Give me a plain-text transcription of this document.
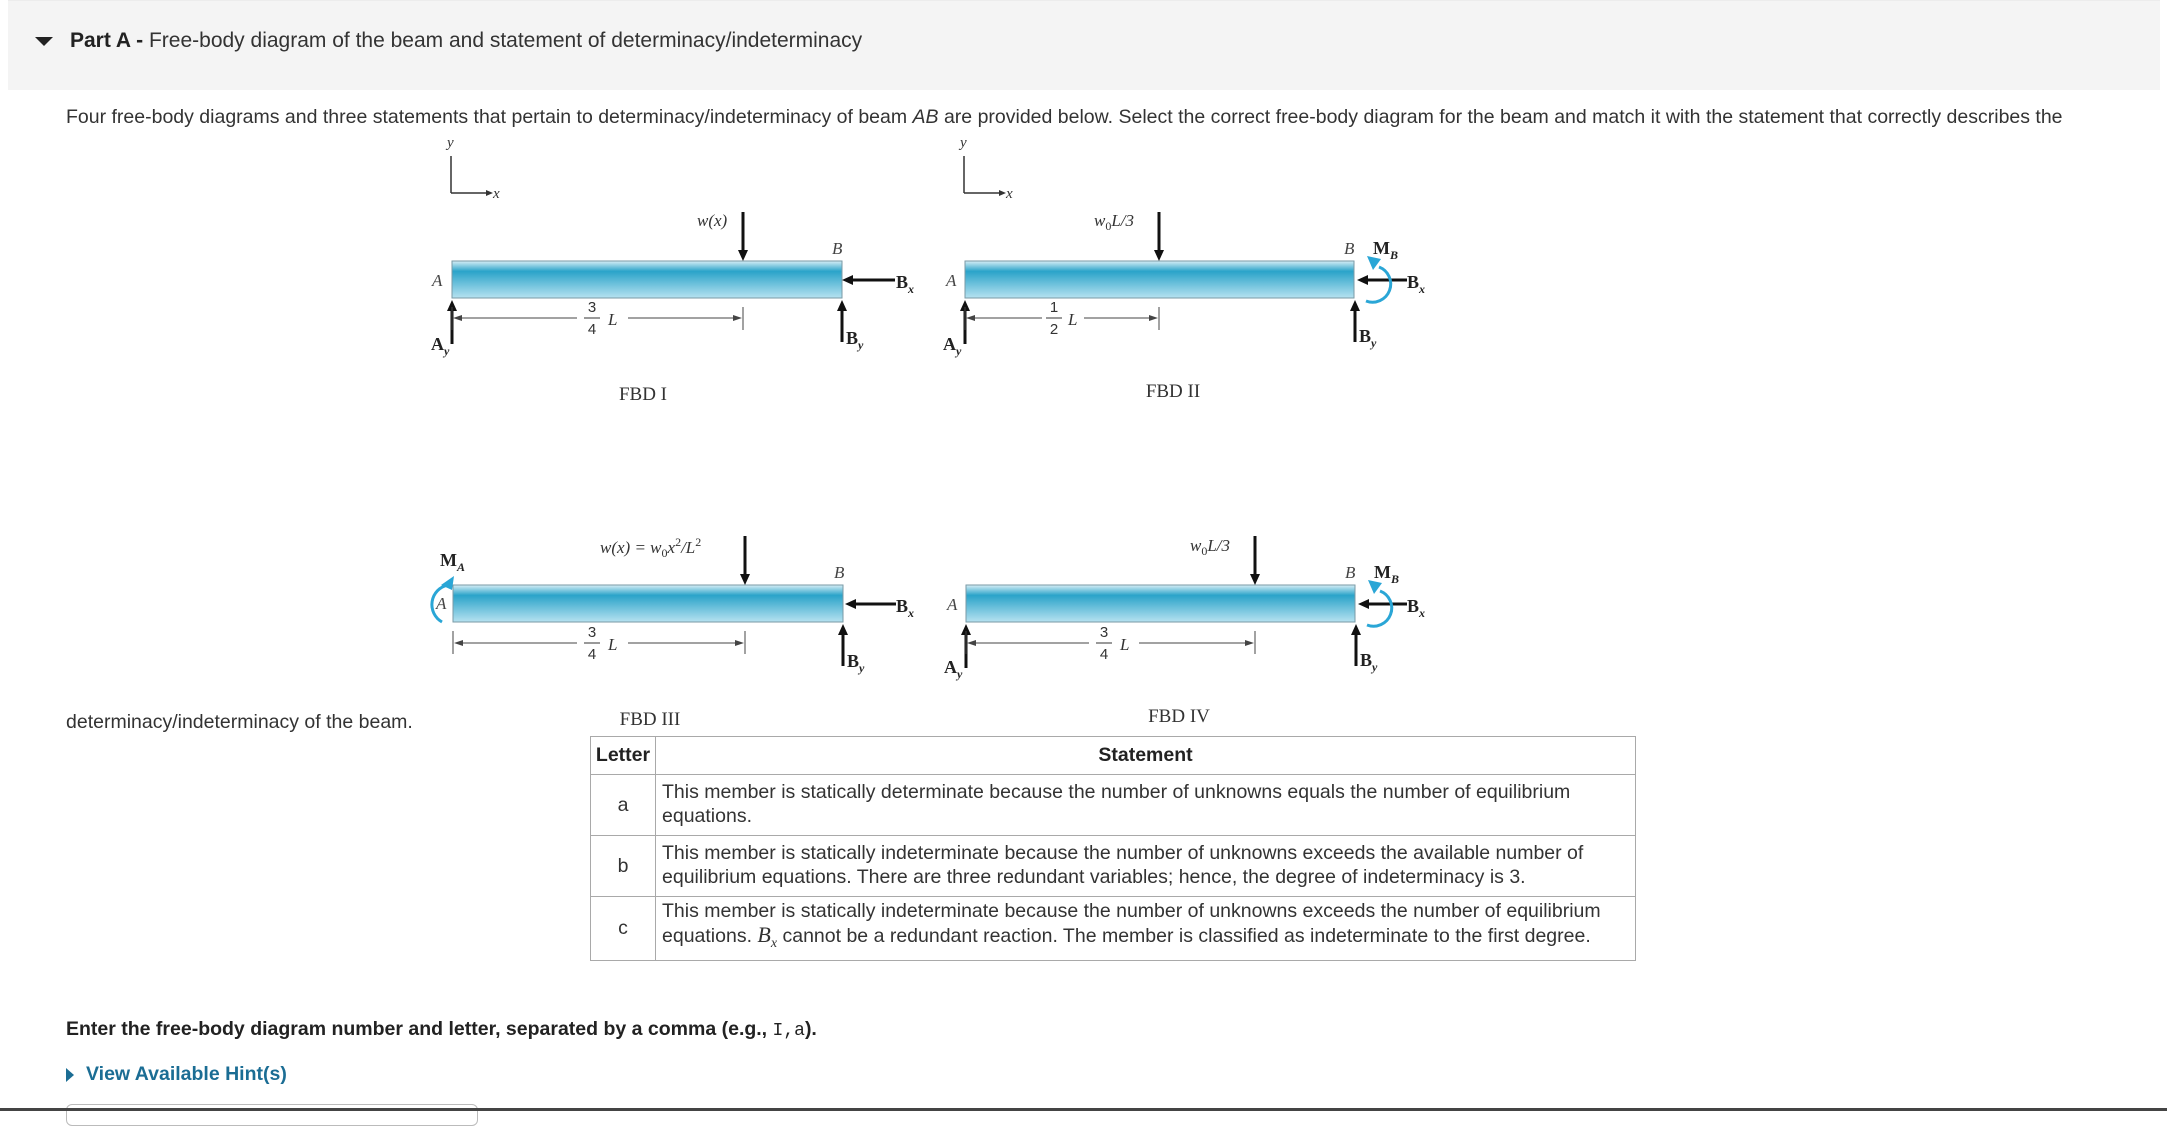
Part A - Free-body diagram of the beam and statement of determinacy/indeterminacy
Four free-body diagrams and three statements that pertain to determinacy/indeterminacy of beam AB are provided below. Select the correct free-body diagram for the beam and match it with the statement that correctly describes the
y
x
y
x
A
B
w(x)
$B_x$
$B_y$
$A_y$
3
4
L
FBD I
A
B
$w_0L/3$
$B_x$
$B_y$
$A_y$
$M_B$
1
2
L
FBD II
A
B
$w(x) = w_0x^2/L^2$
$B_x$
$B_y$
$M_A$
3
4
L
FBD III
A
B
$w_0L/3$
$B_x$
$B_y$
$A_y$
$M_B$
3
4
L
FBD IV
determinacy/indeterminacy of the beam.
Letter	Statement
a	This member is statically determinate because the number of unknowns equals the number of equilibrium equations.
b	This member is statically indeterminate because the number of unknowns exceeds the available number of equilibrium equations. There are three redundant variables; hence, the degree of indeterminacy is 3.
c	This member is statically indeterminate because the number of unknowns exceeds the number of equilibrium equations. $B_x$ cannot be a redundant reaction. The member is classified as indeterminate to the first degree.
Enter the free-body diagram number and letter, separated by a comma (e.g., I,a).
View Available Hint(s)
